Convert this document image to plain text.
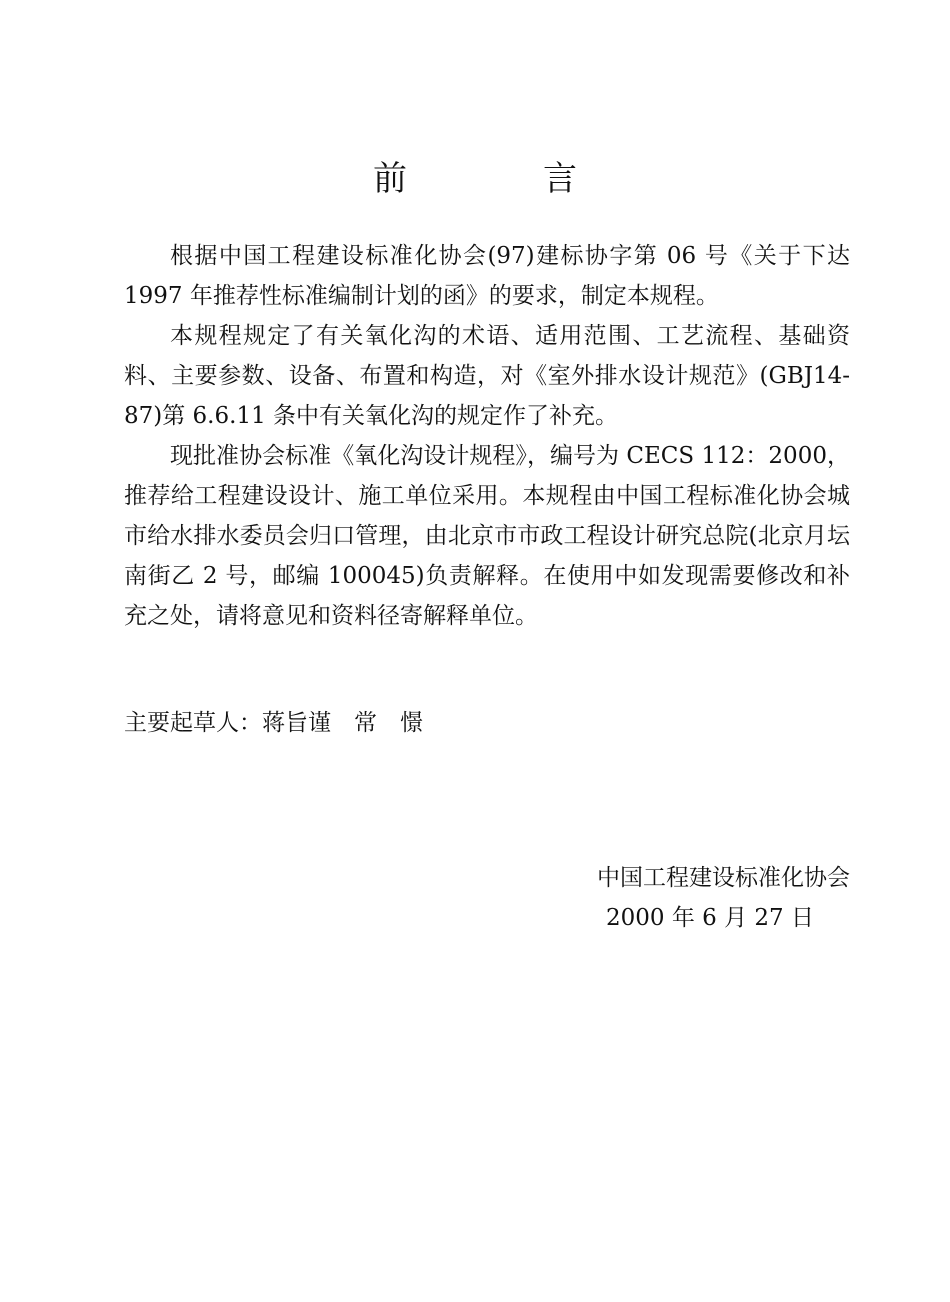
前　言

根据中国工程建设标准化协会(97)建标协字第 06 号《关于下达 1997 年推荐性标准编制计划的函》的要求，制定本规程。

本规程规定了有关氧化沟的术语、适用范围、工艺流程、基础资料、主要参数、设备、布置和构造，对《室外排水设计规范》(GBJ14-87)第 6.6.11 条中有关氧化沟的规定作了补充。

现批准协会标准《氧化沟设计规程》，编号为 CECS 112：2000，推荐给工程建设设计、施工单位采用。本规程由中国工程标准化协会城市给水排水委员会归口管理，由北京市市政工程设计研究总院(北京月坛南街乙 2 号，邮编 100045)负责解释。在使用中如发现需要修改和补充之处，请将意见和资料径寄解释单位。

主要起草人：蒋旨谨　常　憬
中国工程建设标准化协会
2000 年 6 月 27 日
